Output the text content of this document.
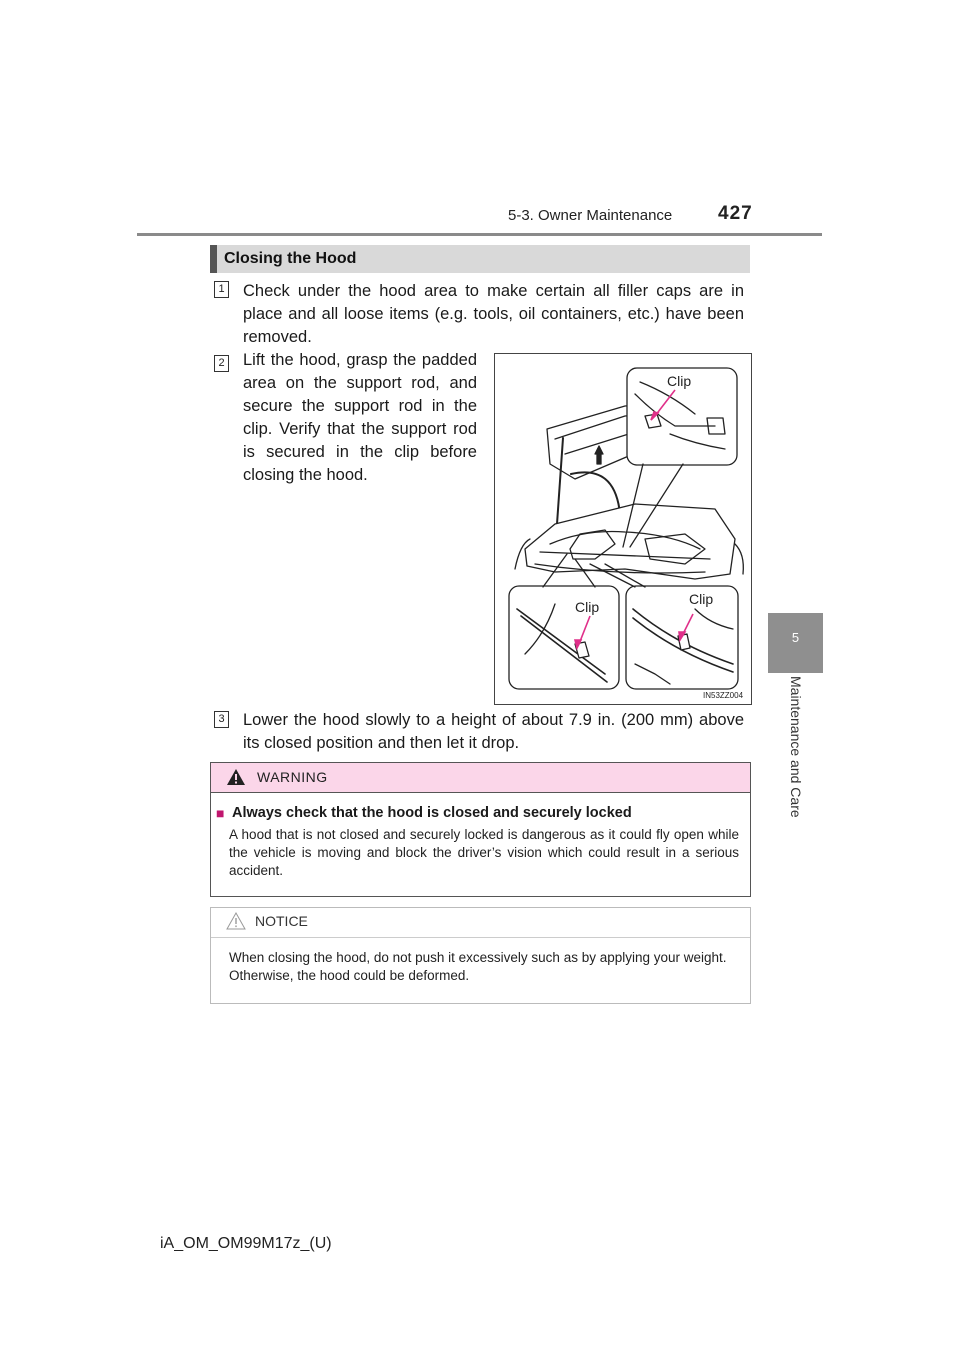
5-3. Owner Maintenance 427
5
Maintenance and Care
Closing the Hood
1 Check under the hood area to make certain all filler caps are in place and all loose items (e.g. tools, oil containers, etc.) have been removed.
2 Lift the hood, grasp the padded area on the support rod, and secure the support rod in the clip. Verify that the support rod is secured in the clip before closing the hood.
Clip
Clip	Clip
IN53ZZ004
3 Lower the hood slowly to a height of about 7.9 in. (200 mm) above its closed position and then let it drop.
WARNING
■ Always check that the hood is closed and securely locked
A hood that is not closed and securely locked is dangerous as it could fly open while the vehicle is moving and block the driver’s vision which could result in a serious accident.
NOTICE
When closing the hood, do not push it excessively such as by applying your weight. Otherwise, the hood could be deformed.
iA_OM_OM99M17z_(U)
